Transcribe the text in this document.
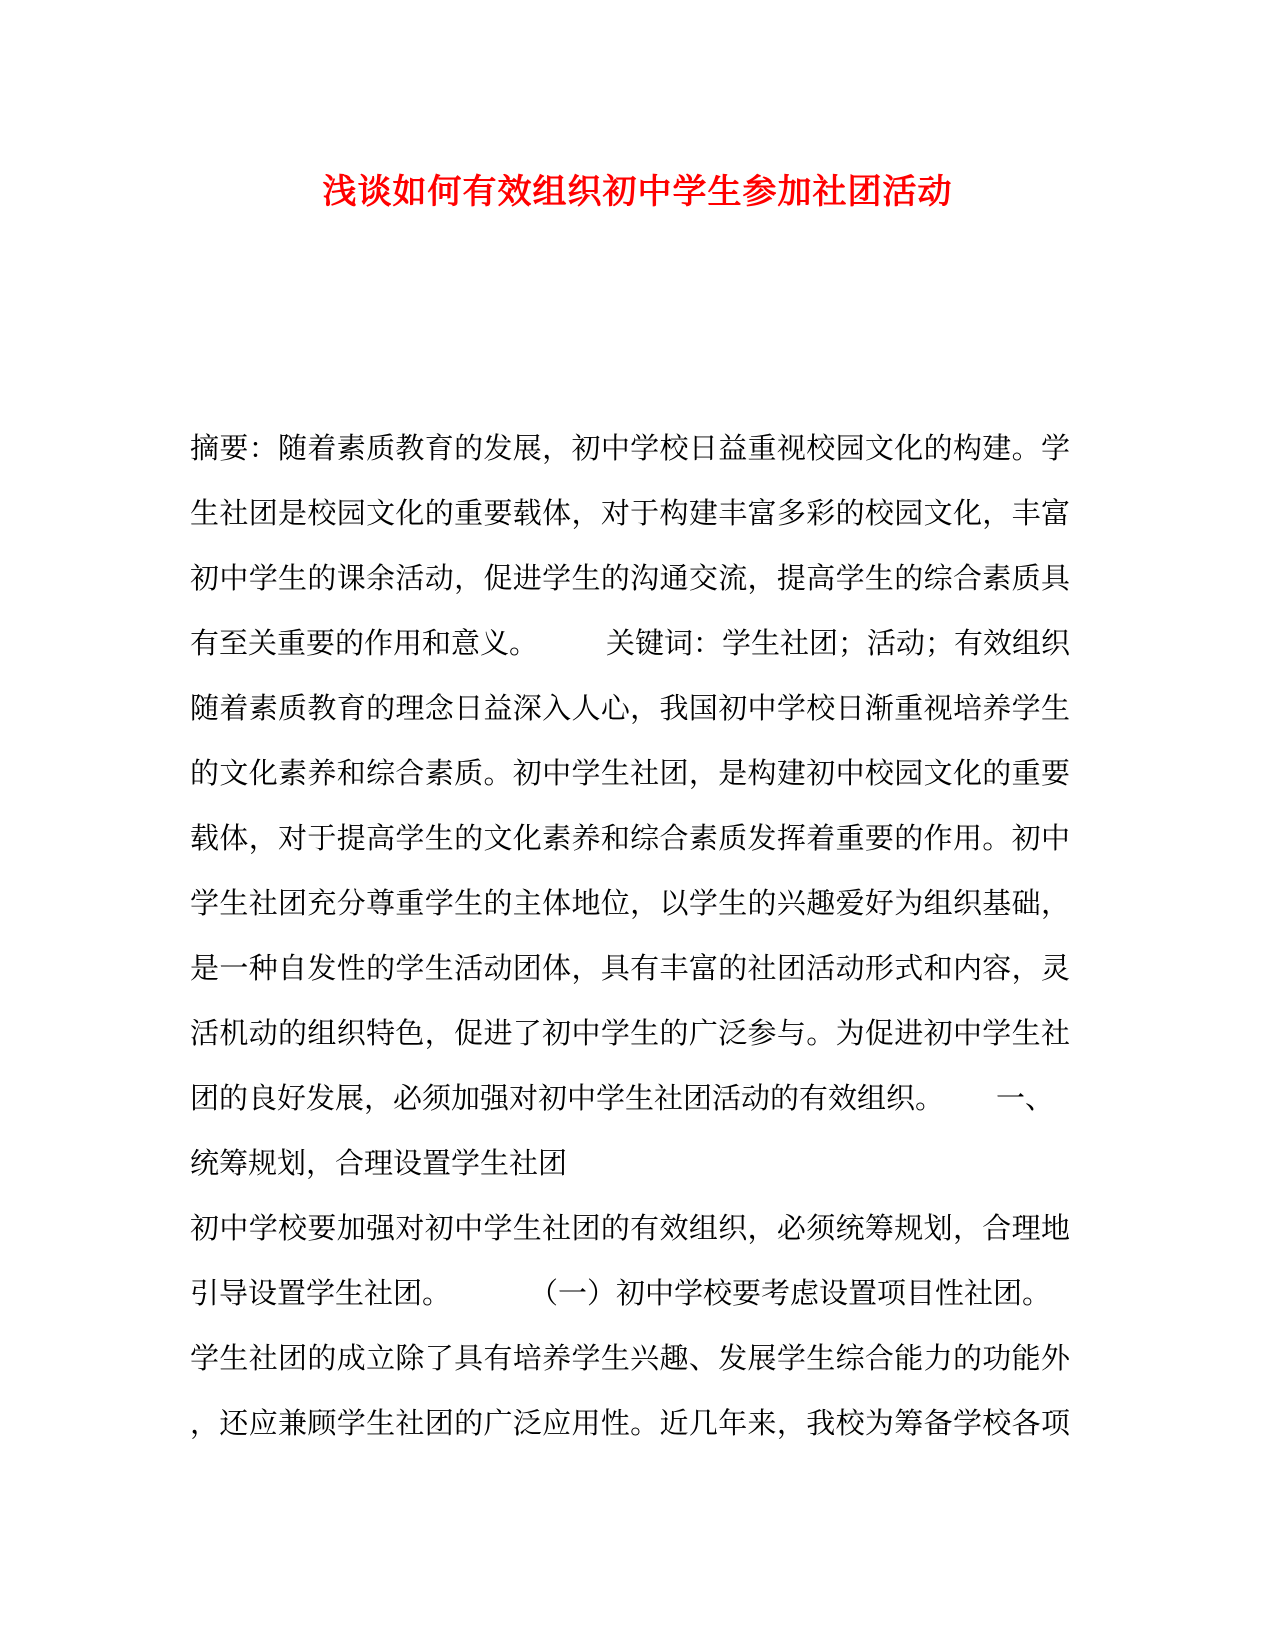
浅谈如何有效组织初中学生参加社团活动
摘要：随着素质教育的发展，初中学校日益重视校园文化的构建。学
生社团是校园文化的重要载体，对于构建丰富多彩的校园文化，丰富
初中学生的课余活动，促进学生的沟通交流，提高学生的综合素质具
有至关重要的作用和意义。 关键词：学生社团；活动；有效组织
随着素质教育的理念日益深入人心，我国初中学校日渐重视培养学生
的文化素养和综合素质。初中学生社团，是构建初中校园文化的重要
载体，对于提高学生的文化素养和综合素质发挥着重要的作用。初中
学生社团充分尊重学生的主体地位，以学生的兴趣爱好为组织基础，
是一种自发性的学生活动团体，具有丰富的社团活动形式和内容，灵
活机动的组织特色，促进了初中学生的广泛参与。为促进初中学生社
团的良好发展，必须加强对初中学生社团活动的有效组织。 一、
统筹规划，合理设置学生社团
初中学校要加强对初中学生社团的有效组织，必须统筹规划，合理地
引导设置学生社团。	（一）初中学校要考虑设置项目性社团。
学生社团的成立除了具有培养学生兴趣、发展学生综合能力的功能外
，还应兼顾学生社团的广泛应用性。近几年来，我校为筹备学校各项
